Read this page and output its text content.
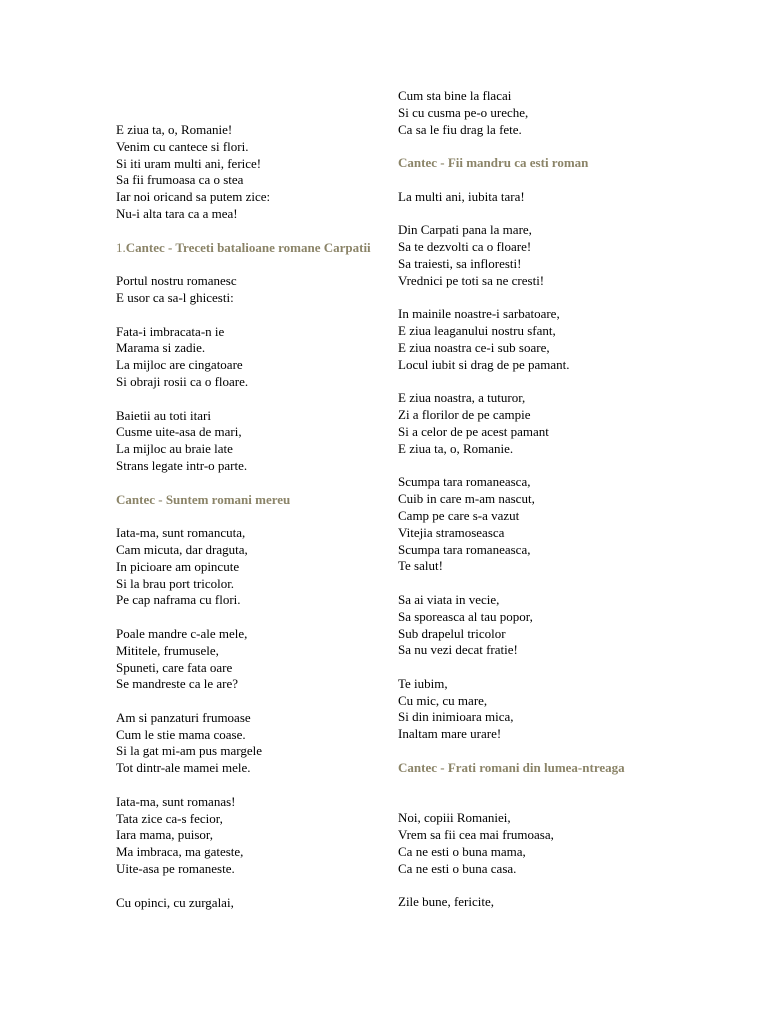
E ziua ta, o, Romanie!
Venim cu cantece si flori.
Si iti uram multi ani, ferice!
Sa fii frumoasa ca o stea
Iar noi oricand sa putem zice:
Nu-i alta tara ca a mea!
1.Cantec - Treceti batalioane romane Carpatii
Portul nostru romanesc
E usor ca sa-l ghicesti:
Fata-i imbracata-n ie
Marama si zadie.
La mijloc are cingatoare
Si obraji rosii ca o floare.
Baietii au toti itari
Cusme uite-asa de mari,
La mijloc au braie late
Strans legate intr-o parte.
Cantec - Suntem romani mereu
Iata-ma, sunt romancuta,
Cam micuta, dar draguta,
In picioare am opincute
Si la brau port tricolor.
Pe cap naframa cu flori.
Poale mandre c-ale mele,
Mititele, frumusele,
Spuneti, care fata oare
Se mandreste ca le are?
Am si panzaturi frumoase
Cum le stie mama coase.
Si la gat mi-am pus margele
Tot dintr-ale mamei mele.
Iata-ma, sunt romanas!
Tata zice ca-s fecior,
Iara mama, puisor,
Ma imbraca, ma gateste,
Uite-asa pe romaneste.
Cu opinci, cu zurgalai,
Cum sta bine la flacai
Si cu cusma pe-o ureche,
Ca sa le fiu drag la fete.
Cantec - Fii mandru ca esti roman
La multi ani, iubita tara!
Din Carpati pana la mare,
Sa te dezvolti ca o floare!
Sa traiesti, sa infloresti!
Vrednici pe toti sa ne cresti!
In mainile noastre-i sarbatoare,
E ziua leaganului nostru sfant,
E ziua noastra ce-i sub soare,
Locul iubit si drag de pe pamant.
E ziua noastra, a tuturor,
Zi a florilor de pe campie
Si a celor de pe acest pamant
E ziua ta, o, Romanie.
Scumpa tara romaneasca,
Cuib in care m-am nascut,
Camp pe care s-a vazut
Vitejia stramoseasca
Scumpa tara romaneasca,
Te salut!
Sa ai viata in vecie,
Sa sporeasca al tau popor,
Sub drapelul tricolor
Sa nu vezi decat fratie!
Te iubim,
Cu mic, cu mare,
Si din inimioara mica,
Inaltam mare urare!
Cantec - Frati romani din lumea-ntreaga
Noi, copiii Romaniei,
Vrem sa fii cea mai frumoasa,
Ca ne esti o buna mama,
Ca ne esti o buna casa.
Zile bune, fericite,
